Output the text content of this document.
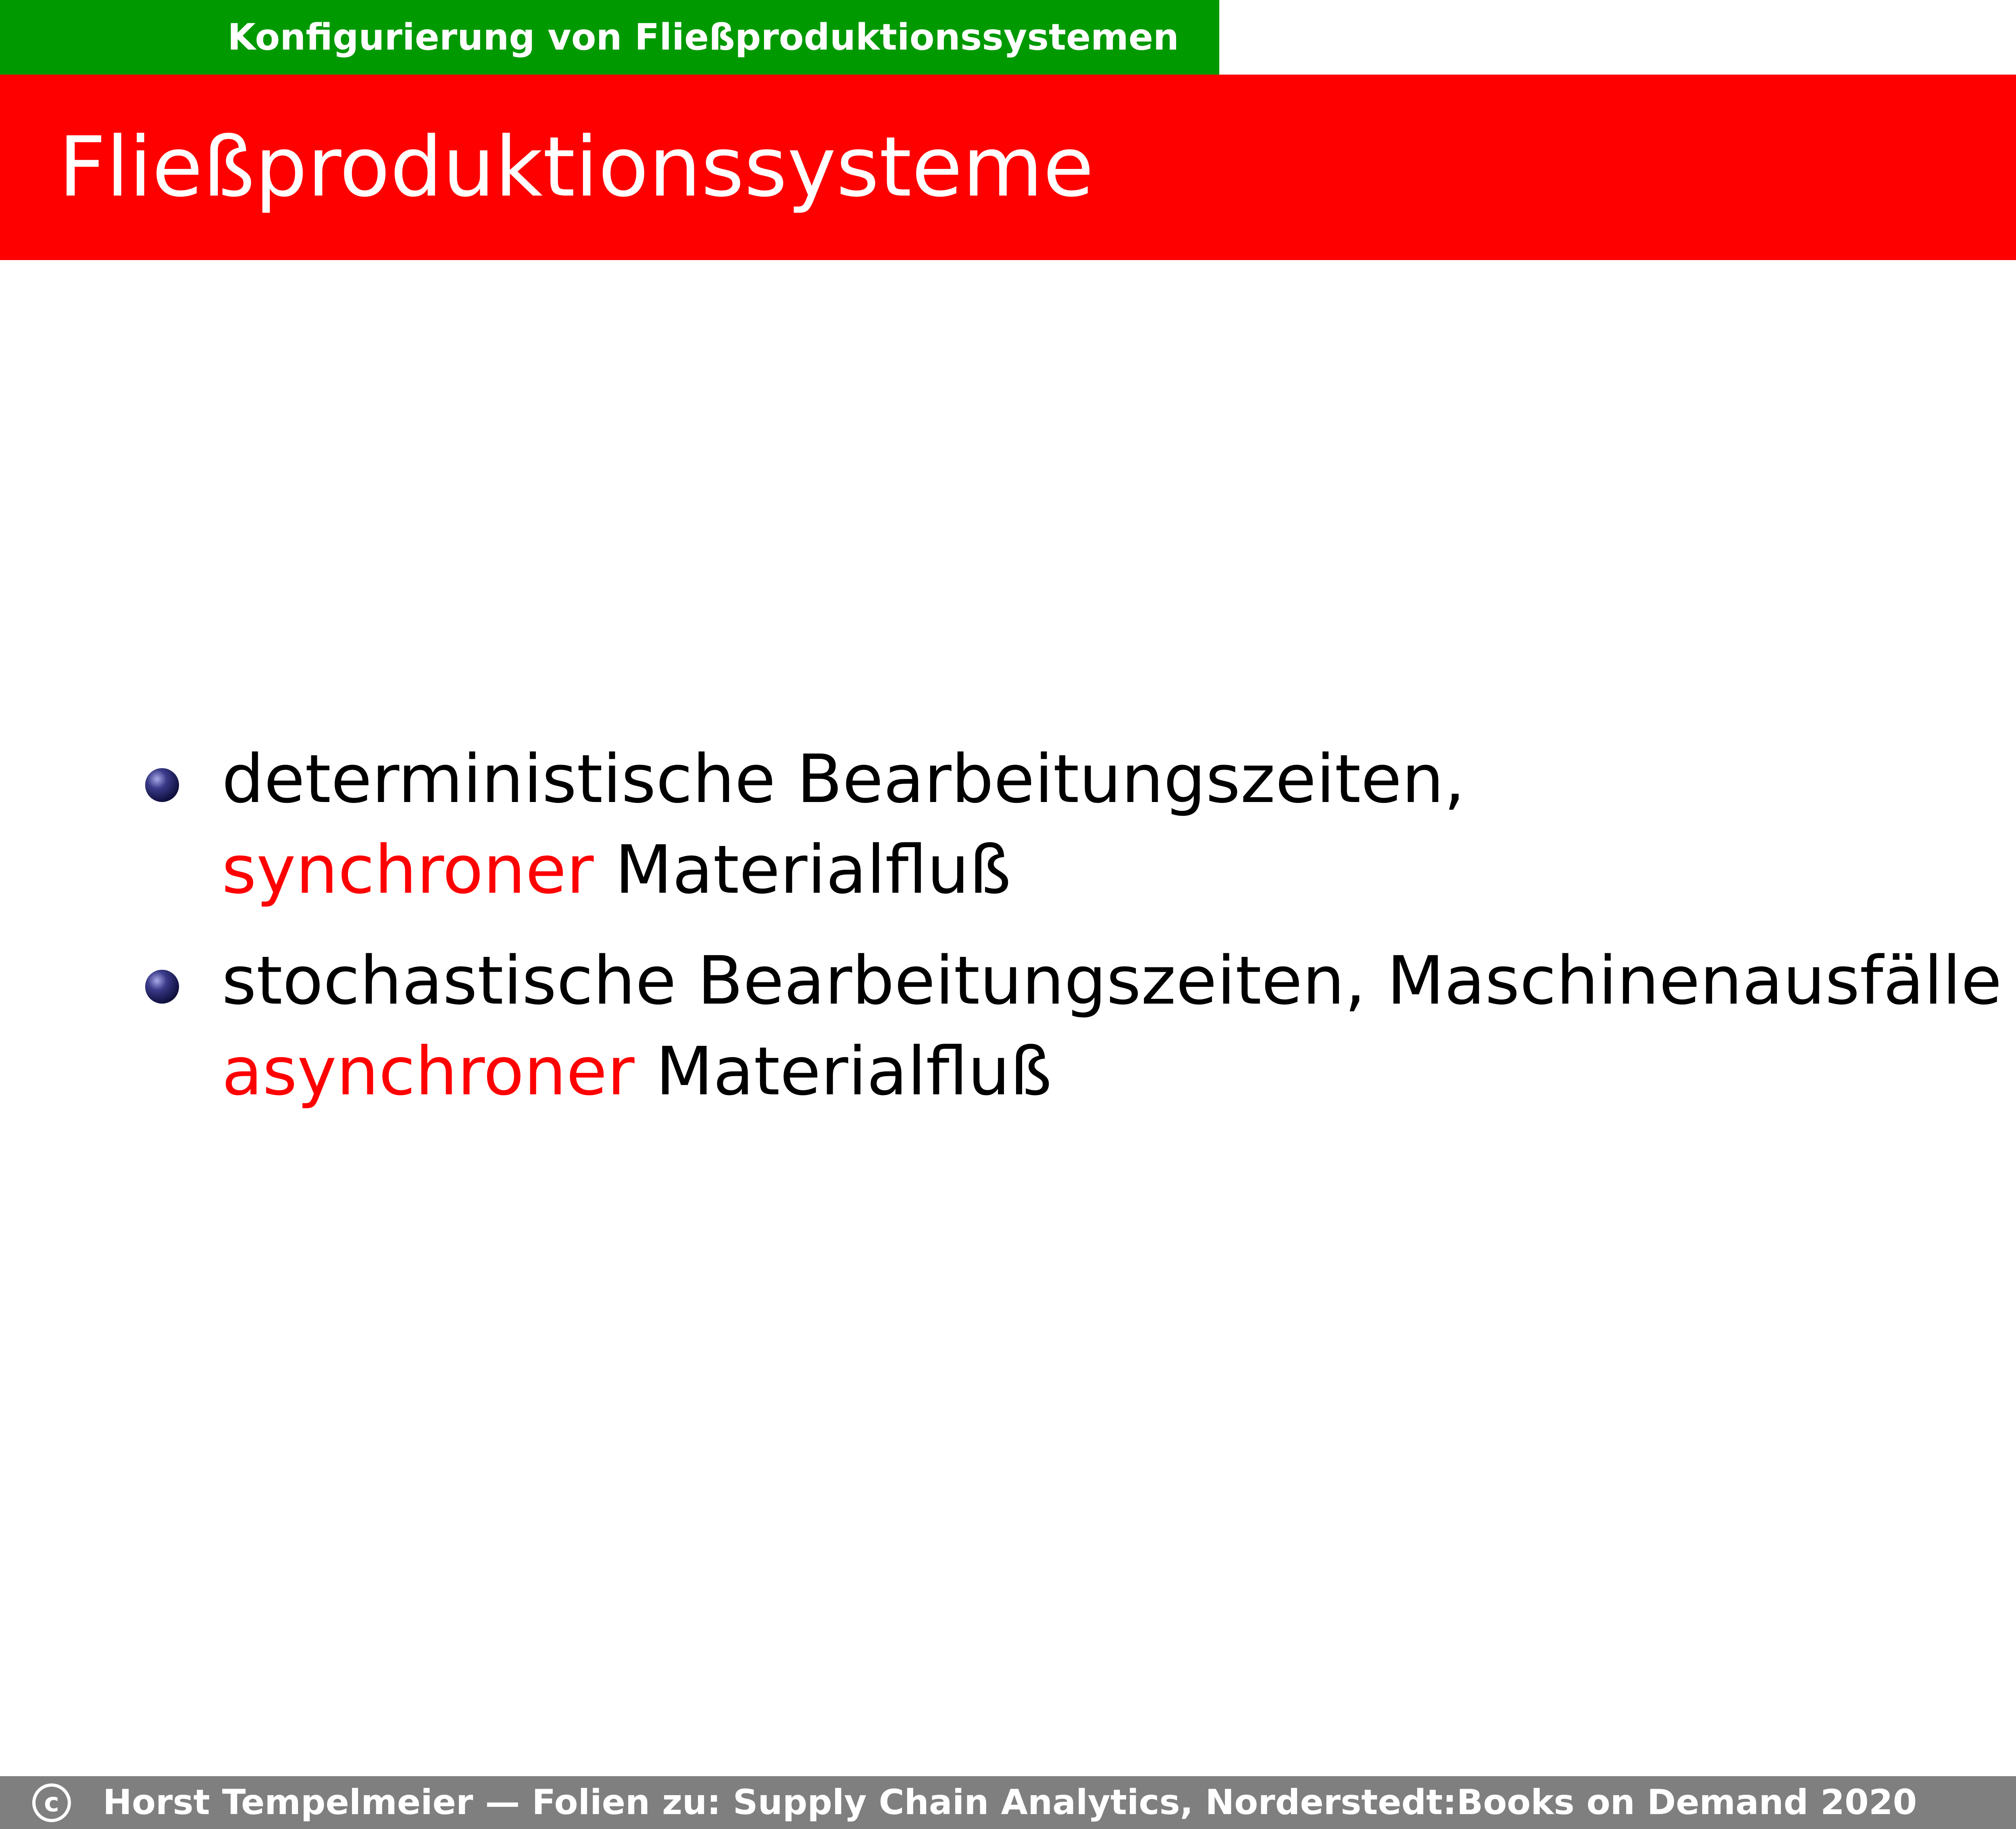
Konfigurierung von Fließproduktionssystemen
Fließproduktionssysteme
deterministische Bearbeitungszeiten,
synchroner Materialfluß
stochastische Bearbeitungszeiten, Maschinenausfälle
asynchroner Materialfluß
c	Horst Tempelmeier — Folien zu: Supply Chain Analytics, Norderstedt:Books on Demand 2020
